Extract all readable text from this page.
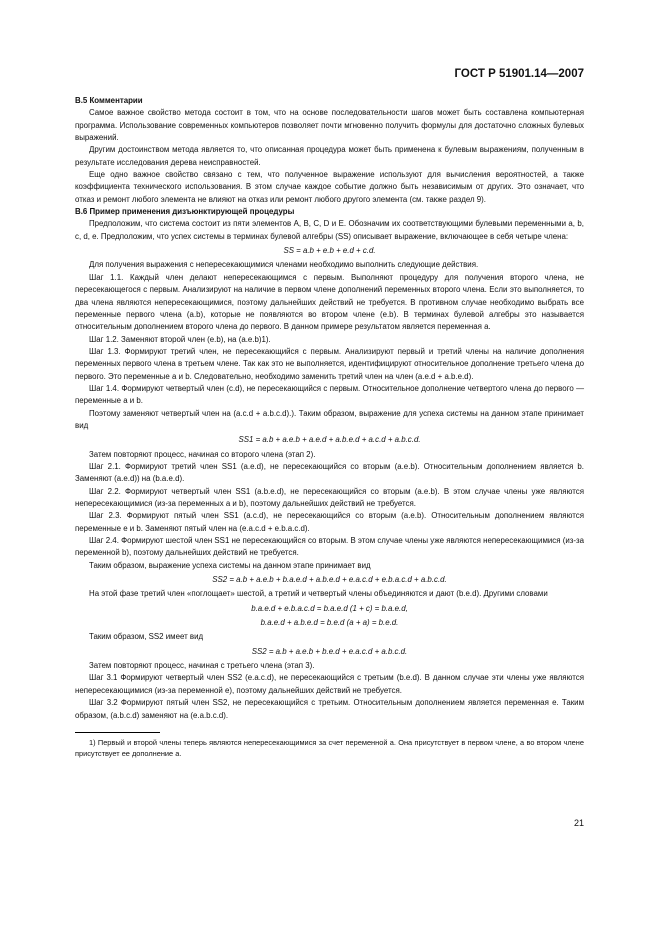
ГОСТ Р 51901.14—2007

В.5 Комментарии

Самое важное свойство метода состоит в том, что на основе последовательности шагов может быть составлена компьютерная программа. Использование современных компьютеров позволяет почти мгновенно получить формулы для достаточно сложных булевых выражений.

Другим достоинством метода является то, что описанная процедура может быть применена к булевым выражениям, полученным в результате исследования дерева неисправностей.

Еще одно важное свойство связано с тем, что полученное выражение используют для вычисления вероятностей, а также коэффициента технического использования. В этом случае каждое событие должно быть независимым от других. Это означает, что отказ и ремонт любого элемента не влияют на отказ или ремонт любого другого элемента (см. также раздел 9).

В.6 Пример применения дизъюнктирующей процедуры

Предположим, что система состоит из пяти элементов А, В, С, D и Е. Обозначим их соответствующими булевыми переменными a, b, c, d, e. Предположим, что успех системы в терминах булевой алгебры (SS) описывает выражение, включающее в себя четыре члена:

SS = a.b + e.b + e.d + c.d.

Для получения выражения с непересекающимися членами необходимо выполнить следующие действия.

Шаг 1.1. Каждый член делают непересекающимся с первым. Выполняют процедуру для получения второго члена, не пересекающегося с первым. Анализируют на наличие в первом члене дополнений переменных второго члена. Если это выполняется, то два члена являются непересекающимися, поэтому дальнейших действий не требуется. В противном случае необходимо выбрать все переменные первого члена (a.b), которые не появляются во втором члене (e.b). В терминах булевой алгебры это называется относительным дополнением второго члена до первого. В данном примере результатом является переменная a.

Шаг 1.2. Заменяют второй член (e.b), на (a.e.b)1).

Шаг 1.3. Формируют третий член, не пересекающийся с первым. Анализируют первый и третий члены на наличие дополнения переменных первого члена в третьем члене. Так как это не выполняется, идентифицируют относительное дополнение третьего члена до первого. Это переменные a и b. Следовательно, необходимо заменить третий член на член (a.e.d + a.b.e.d).

Шаг 1.4. Формируют четвертый член (c.d), не пересекающийся с первым. Относительное дополнение четвертого члена до первого — переменные a и b.

Поэтому заменяют четвертый член на (a.c.d + a.b.c.d).). Таким образом, выражение для успеха системы на данном этапе принимает вид

SS1 = a.b + a.e.b + a.e.d + a.b.e.d + a.c.d + a.b.c.d.

Затем повторяют процесс, начиная со второго члена (этап 2).

Шаг 2.1. Формируют третий член SS1 (a.e.d), не пересекающийся со вторым (a.e.b). Относительным дополнением является b. Заменяют (a.e.d)) на (b.a.e.d).

Шаг 2.2. Формируют четвертый член SS1 (a.b.e.d), не пересекающийся со вторым (a.e.b). В этом случае члены уже являются непересекающимися (из-за переменных a и b), поэтому дальнейших действий не требуется.

Шаг 2.3. Формируют пятый член SS1 (a.c.d), не пересекающийся со вторым (a.e.b). Относительным дополнением являются переменные e и b. Заменяют пятый член на (e.a.c.d + e.b.a.c.d).

Шаг 2.4. Формируют шестой член SS1 не пересекающийся со вторым. В этом случае члены уже являются непересекающимися (из-за переменной b), поэтому дальнейших действий не требуется.

Таким образом, выражение успеха системы на данном этапе принимает вид

SS2 = a.b + a.e.b + b.a.e.d + a.b.e.d + e.a.c.d + e.b.a.c.d + a.b.c.d.

На этой фазе третий член «поглощает» шестой, а третий и четвертый члены объединяются и дают (b.e.d). Другими словами

b.a.e.d + e.b.a.c.d = b.a.e.d (1 + c) = b.a.e.d,

b.a.e.d + a.b.e.d = b.e.d (a + a) = b.e.d.

Таким образом, SS2 имеет вид

SS2 = a.b + a.e.b + b.e.d + e.a.c.d + a.b.c.d.

Затем повторяют процесс, начиная с третьего члена (этап 3).

Шаг 3.1 Формируют четвертый член SS2 (e.a.c.d), не пересекающийся с третьим (b.e.d). В данном случае эти члены уже являются непересекающимися (из-за переменной e), поэтому дальнейших действий не требуется.

Шаг 3.2 Формируют пятый член SS2, не пересекающийся с третьим. Относительным дополнением является переменная e. Таким образом, (a.b.c.d) заменяют на (e.a.b.c.d).

1) Первый и второй члены теперь являются непересекающимися за счет переменной a. Она присутствует в первом члене, а во втором члене присутствует ее дополнение a.

21
